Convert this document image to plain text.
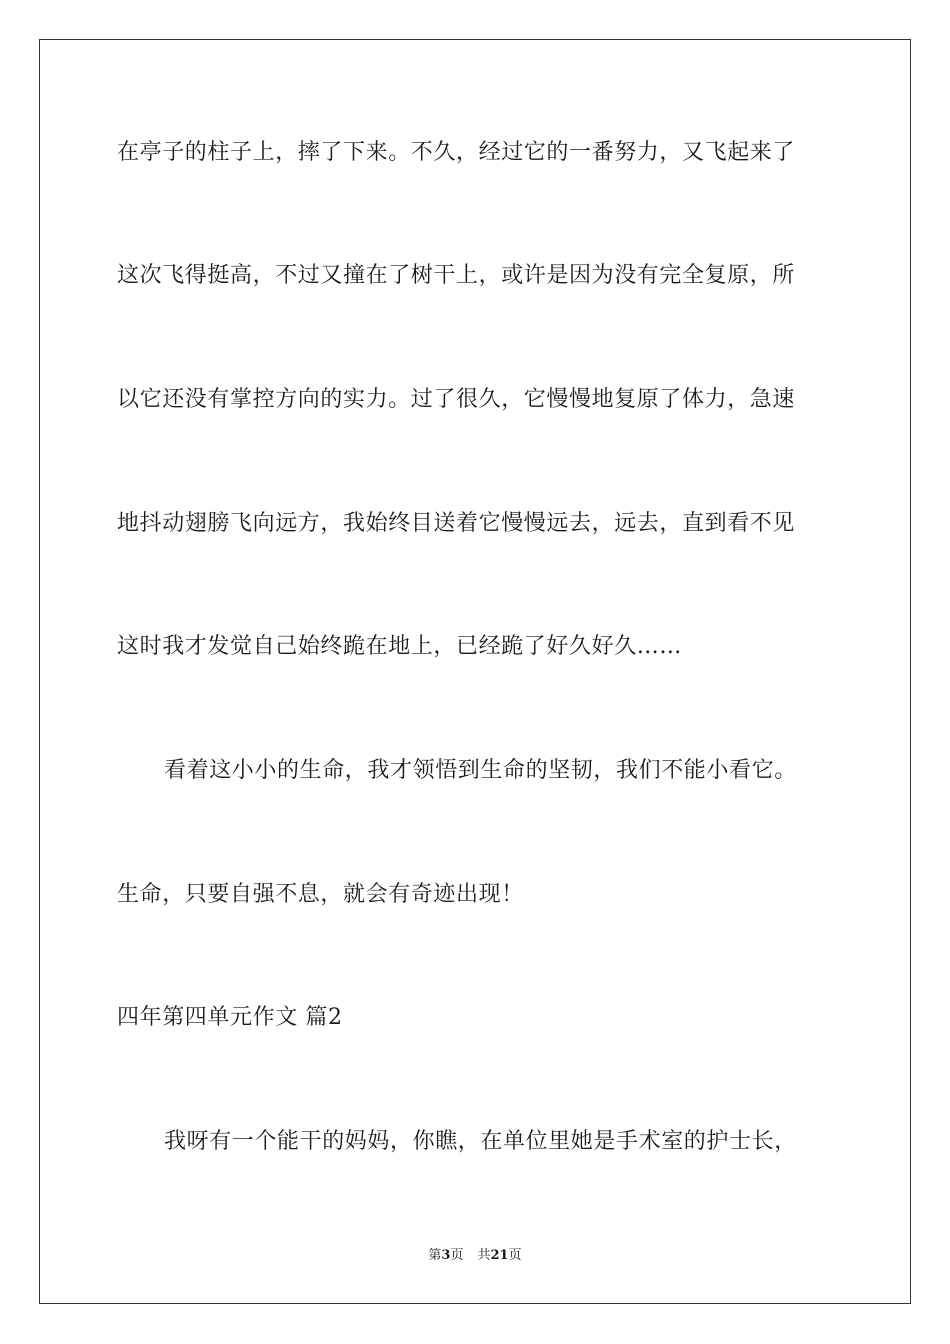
在亭子的柱子上，摔了下来。不久，经过它的一番努力，又飞起来了
这次飞得挺高，不过又撞在了树干上，或许是因为没有完全复原，所
以它还没有掌控方向的实力。过了很久，它慢慢地复原了体力，急速
地抖动翅膀飞向远方，我始终目送着它慢慢远去，远去，直到看不见
这时我才发觉自己始终跪在地上，已经跪了好久好久……
看着这小小的生命，我才领悟到生命的坚韧，我们不能小看它。
生命，只要自强不息，就会有奇迹出现！
四年第四单元作文 篇2
我呀有一个能干的妈妈，你瞧，在单位里她是手术室的护士长，
第3页 共21页
